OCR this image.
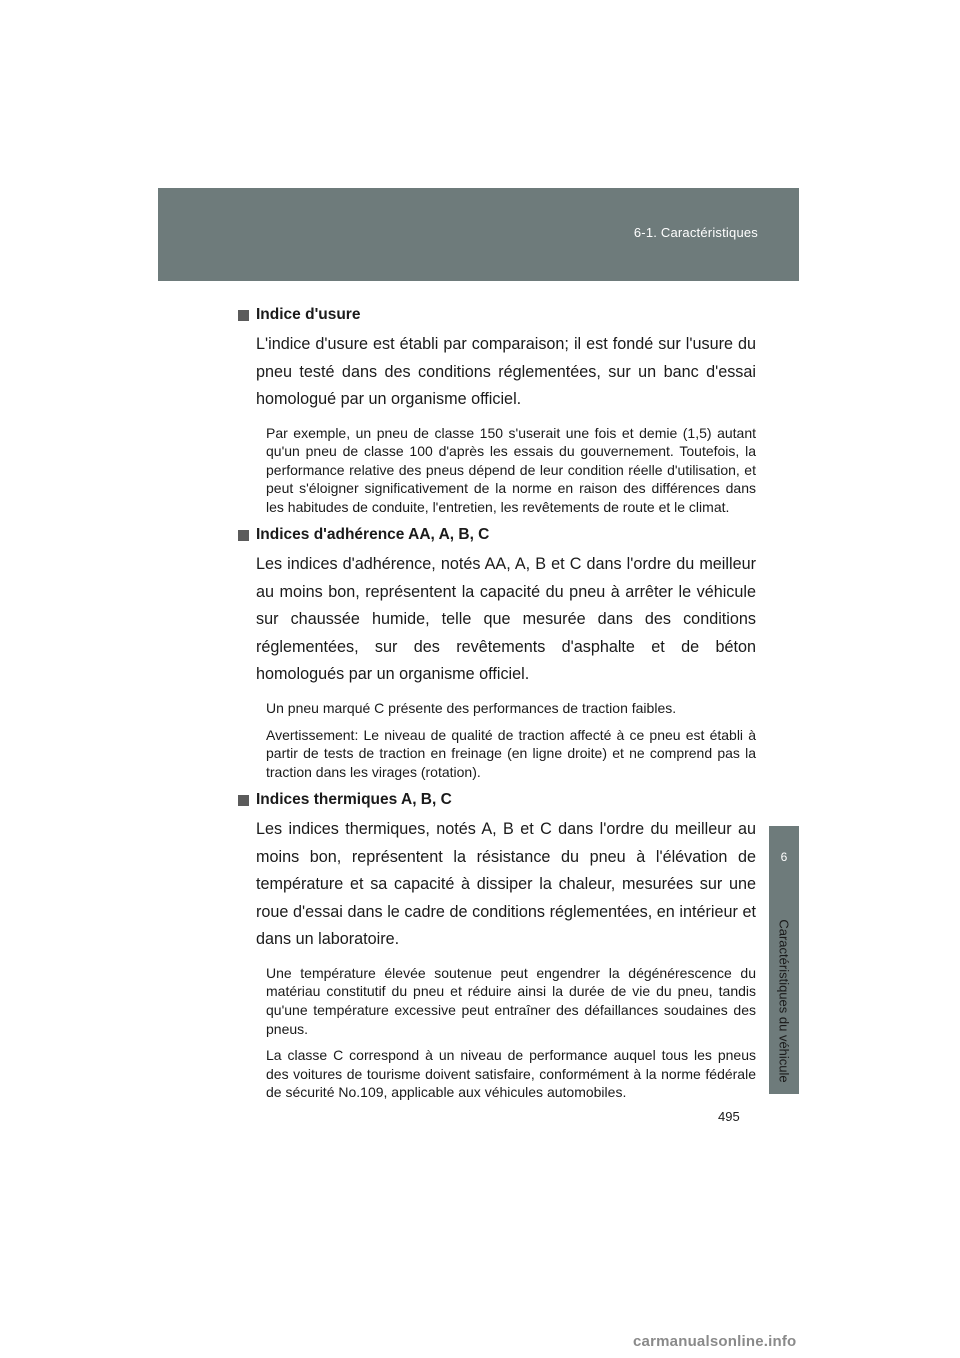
6-1. Caractéristiques
6
Caractéristiques du véhicule
Indice d'usure

L'indice d'usure est établi par comparaison; il est fondé sur l'usure du pneu testé dans des conditions réglementées, sur un banc d'essai homologué par un organisme officiel.

Par exemple, un pneu de classe 150 s'userait une fois et demie (1,5) autant qu'un pneu de classe 100 d'après les essais du gouvernement. Toutefois, la performance relative des pneus dépend de leur condition réelle d'utilisation, et peut s'éloigner significativement de la norme en raison des différences dans les habitudes de conduite, l'entretien, les revêtements de route et le climat.

Indices d'adhérence AA, A, B, C

Les indices d'adhérence, notés AA, A, B et C dans l'ordre du meilleur au moins bon, représentent la capacité du pneu à arrêter le véhicule sur chaussée humide, telle que mesurée dans des conditions réglementées, sur des revêtements d'asphalte et de béton homologués par un organisme officiel.

Un pneu marqué C présente des performances de traction faibles.

Avertissement: Le niveau de qualité de traction affecté à ce pneu est établi à partir de tests de traction en freinage (en ligne droite) et ne comprend pas la traction dans les virages (rotation).

Indices thermiques A, B, C

Les indices thermiques, notés A, B et C dans l'ordre du meilleur au moins bon, représentent la résistance du pneu à l'élévation de température et sa capacité à dissiper la chaleur, mesurées sur une roue d'essai dans le cadre de conditions réglementées, en intérieur et dans un laboratoire.

Une température élevée soutenue peut engendrer la dégénérescence du matériau constitutif du pneu et réduire ainsi la durée de vie du pneu, tandis qu'une température excessive peut entraîner des défaillances soudaines des pneus.

La classe C correspond à un niveau de performance auquel tous les pneus des voitures de tourisme doivent satisfaire, conformément à la norme fédérale de sécurité No.109, applicable aux véhicules automobiles.

495
carmanualsonline.info
